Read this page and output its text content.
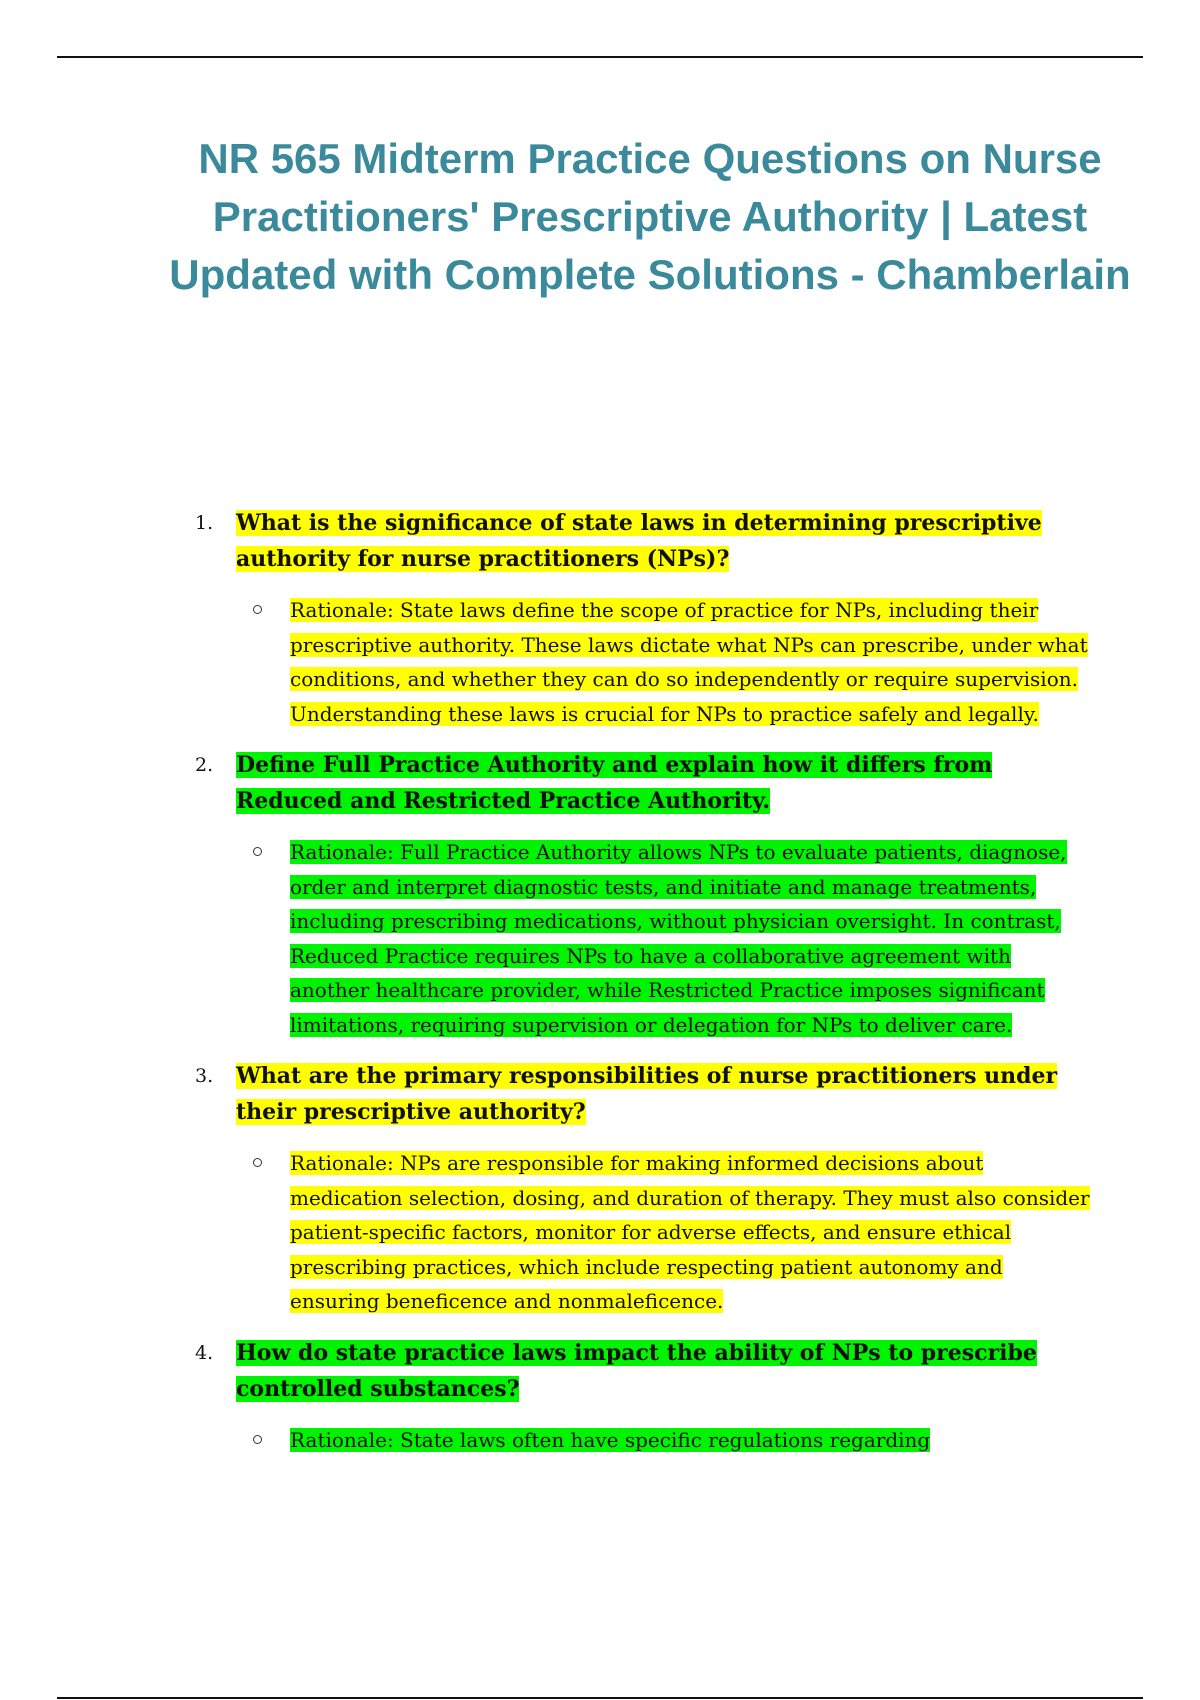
NR 565 Midterm Practice Questions on Nurse
Practitioners' Prescriptive Authority | Latest
Updated with Complete Solutions - Chamberlain
1. What is the significance of state laws in determining prescriptive authority for nurse practitioners (NPs)?
Rationale: State laws define the scope of practice for NPs, including their prescriptive authority. These laws dictate what NPs can prescribe, under what conditions, and whether they can do so independently or require supervision. Understanding these laws is crucial for NPs to practice safely and legally.
2. Define Full Practice Authority and explain how it differs from Reduced and Restricted Practice Authority.
Rationale: Full Practice Authority allows NPs to evaluate patients, diagnose, order and interpret diagnostic tests, and initiate and manage treatments, including prescribing medications, without physician oversight. In contrast, Reduced Practice requires NPs to have a collaborative agreement with another healthcare provider, while Restricted Practice imposes significant limitations, requiring supervision or delegation for NPs to deliver care.
3. What are the primary responsibilities of nurse practitioners under their prescriptive authority?
Rationale: NPs are responsible for making informed decisions about medication selection, dosing, and duration of therapy. They must also consider patient-specific factors, monitor for adverse effects, and ensure ethical prescribing practices, which include respecting patient autonomy and ensuring beneficence and nonmaleficence.
4. How do state practice laws impact the ability of NPs to prescribe controlled substances?
Rationale: State laws often have specific regulations regarding
